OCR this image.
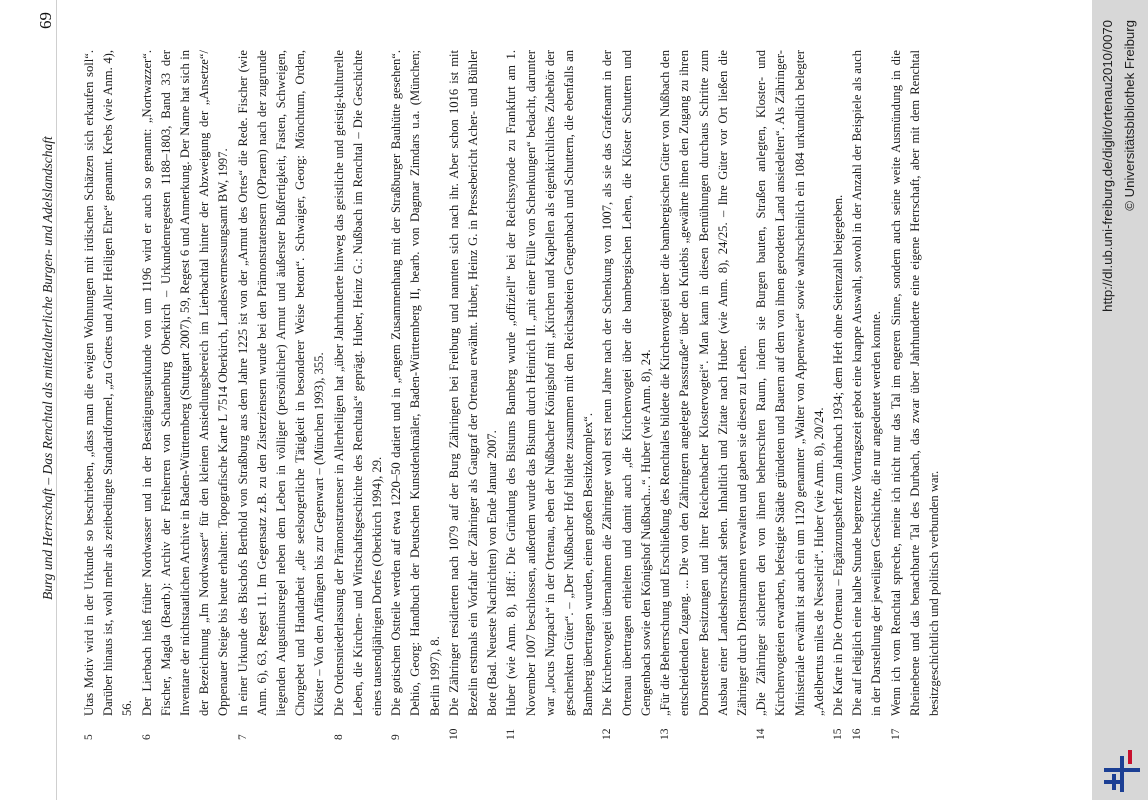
Burg und Herrschaft – Das Renchtal als mittelalterliche Burgen- und Adelslandschaft
69
5
Utas Motiv wird in der Urkunde so beschrieben, „dass man die ewigen Wohnungen mit irdischen Schätzen sich erkaufen soll“. Darüber hinaus ist, wohl mehr als zeitbedingte Standardformel, „zu Gottes und Aller Heiligen Ehre“ genannt. Krebs (wie Anm. 4), 56.
6
Der Lierbach hieß früher Nordwasser und in der Bestätigungsurkunde von um 1196 wird er auch so genannt: „Nortwazzer“. Fischer, Magda (Bearb.): Archiv der Freiherren von Schauenburg Oberkirch – Urkundenregesten 1188–1803, Band 33 der Inventare der nichtstaatlichen Archive in Baden-Württemberg (Stuttgart 2007), 59, Regest 6 und Anmerkung. Der Name hat sich in der Bezeichnung „Im Nordwasser“ für den kleinen Ansiedlungsbereich im Lierbachtal hinter der Abzweigung der „Ansetze“/ Oppenauer Steige bis heute erhalten: Topografische Karte L 7514 Oberkirch, Landesvermessungsamt BW, 1997.
7
In einer Urkunde des Bischofs Berthold von Straßburg aus dem Jahre 1225 ist von der „Armut des Ortes“ die Rede. Fischer (wie Anm. 6), 63, Regest 11. Im Gegensatz z.B. zu den Zisterziensern wurde bei den Prämonstratensern (OPraem) nach der zugrunde liegenden Augustinusregel neben dem Leben in völliger (persönlicher) Armut und äußerster Bußfertigkeit, Fasten, Schweigen, Chorgebet und Handarbeit „die seelsorgerliche Tätigkeit in besonderer Weise betont“. Schwaiger, Georg: Mönchtum, Orden, Klöster – Von den Anfängen bis zur Gegenwart – (München 1993), 355.
8
Die Ordensniederlassung der Prämonstratenser in Allerheiligen hat „über Jahrhunderte hinweg das geistliche und geistig-kulturelle Leben, die Kirchen- und Wirtschaftsgeschichte des Renchtals“ geprägt. Huber, Heinz G.: Nußbach im Renchtal – Die Geschichte eines tausendjährigen Dorfes (Oberkirch 1994), 29.
9
Die gotischen Ostteile werden auf etwa 1220–50 datiert und in „engem Zusammenhang mit der Straßburger Bauhütte gesehen“. Dehio, Georg: Handbuch der Deutschen Kunstdenkmäler, Baden-Württemberg II, bearb. von Dagmar Zimdars u.a. (München; Berlin 1997), 8.
10
Die Zähringer residierten nach 1079 auf der Burg Zähringen bei Freiburg und nannten sich nach ihr. Aber schon 1016 ist mit Bezelin erstmals ein Vorfahr der Zähringer als Gaugraf der Ortenau erwähnt. Huber, Heinz G. in Pressebericht Acher- und Bühler Bote (Bad. Neueste Nachrichten) von Ende Januar 2007.
11
Huber (wie Anm. 8), 18ff.: Die Gründung des Bistums Bamberg wurde „offiziell“ bei der Reichssynode zu Frankfurt am 1. November 1007 beschlossen, außerdem wurde das Bistum durch Heinrich II. „mit einer Fülle von Schenkungen“ bedacht, darunter war „locus Nuzpach“ in der Ortenau, eben der Nußbacher Königshof mit „Kirchen und Kapellen als eigenkirchliches Zubehör der geschenkten Güter“. – „Der Nußbacher Hof bildete zusammen mit den Reichsabteien Gengenbach und Schuttern, die ebenfalls an Bamberg übertragen wurden, einen großen Besitzkomplex“.
12
Die Kirchenvogtei übernahmen die Zähringer wohl erst neun Jahre nach der Schenkung von 1007, als sie das Grafenamt in der Ortenau übertragen erhielten und damit auch „die Kirchenvogtei über die bambergischen Lehen, die Klöster Schuttern und Gengenbach sowie den Königshof Nußbach...“. Huber (wie Anm. 8), 24.
13
„Für die Beherrschung und Erschließung des Renchtales bildete die Kirchenvogtei über die bambergischen Güter von Nußbach den entscheidenden Zugang. ... Die von den Zähringern angelegte Passstraße“ über den Kniebis „gewährte ihnen den Zugang zu ihren Dornstettener Besitzungen und ihrer Reichenbacher Klostervogtei“. Man kann in diesen Bemühungen durchaus Schritte zum Ausbau einer Landesherrschaft sehen. Inhaltlich und Zitate nach Huber (wie Anm. 8), 24/25. – Ihre Güter vor Ort ließen die Zähringer durch Dienstmannen verwalten und gaben sie diesen zu Lehen.
14
„Die Zähringer sicherten den von ihnen beherrschten Raum, indem sie Burgen bauten, Straßen anlegten, Kloster- und Kirchenvogteien erwarben, befestigte Städte gründeten und Bauern auf dem von ihnen gerodeten Land ansiedelten“. Als Zähringer-Ministeriale erwähnt ist auch ein um 1120 genannter „Walter von Appenweier“ sowie wahrscheinlich ein 1084 urkundlich belegter „Adelbertus miles de Nesselrid“. Huber (wie Anm. 8), 20/24.
15
Die Karte in Die Ortenau – Ergänzungsheft zum Jahrbuch 1934; dem Heft ohne Seitenzahl beigegeben.
16
Die auf lediglich eine halbe Stunde begrenzte Vortragszeit gebot eine knappe Auswahl, sowohl in der Anzahl der Beispiele als auch in der Darstellung der jeweiligen Geschichte, die nur angedeutet werden konnte.
17
Wenn ich vom Renchtal spreche, meine ich nicht nur das Tal im engeren Sinne, sondern auch seine weite Ausmündung in die Rheinebene und das benachbarte Tal des Durbach, das zwar über Jahrhunderte eine eigene Herrschaft, aber mit dem Renchtal besitzgeschichtlich und politisch verbunden war.
http://dl.ub.uni-freiburg.de/diglit/ortenau2010/0070 © Universitätsbibliothek Freiburg
